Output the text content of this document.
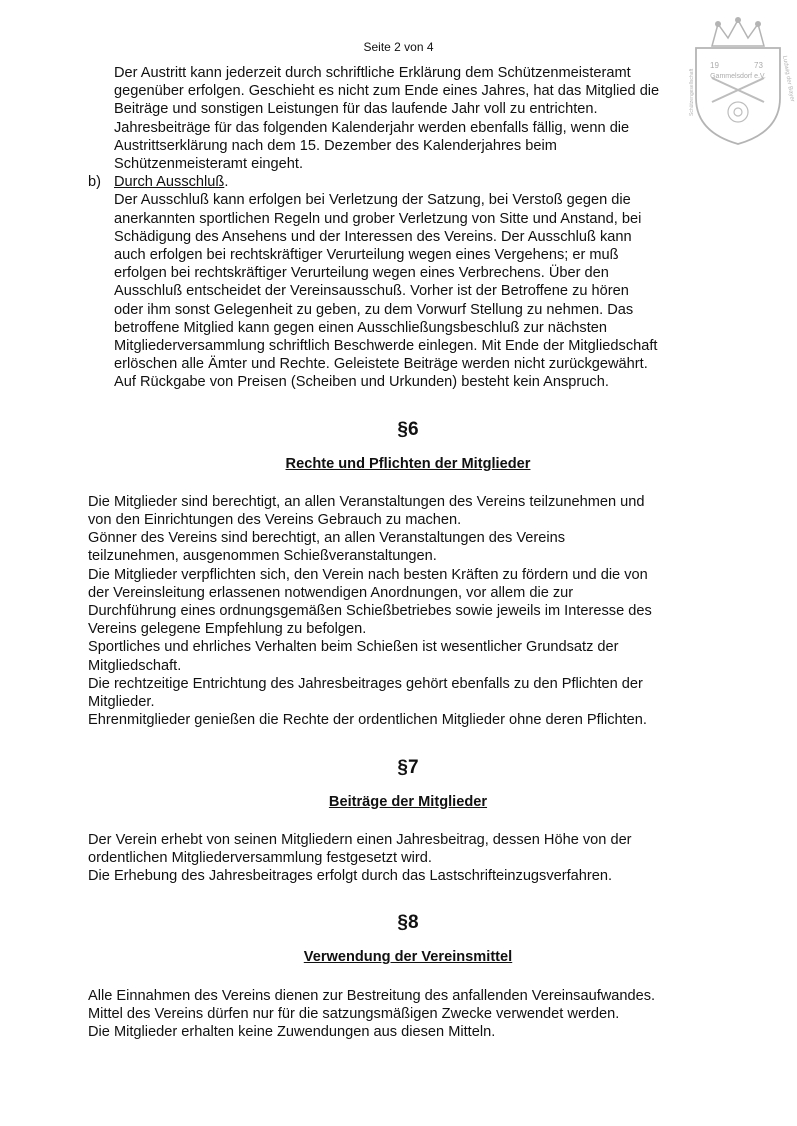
Seite 2 von 4
19	73
Gammelsdorf e.V.	Ludwig der Bayer
Schützengesellschaft
Der Austritt kann jederzeit durch schriftliche Erklärung dem Schützenmeisteramt
gegenüber erfolgen. Geschieht es nicht zum Ende eines Jahres, hat das Mitglied die
Beiträge und sonstigen Leistungen für das laufende Jahr voll zu entrichten.
Jahresbeiträge für das folgenden Kalenderjahr werden ebenfalls fällig, wenn die
Austrittserklärung nach dem 15. Dezember des Kalenderjahres beim
Schützenmeisteramt eingeht.
b) Durch Ausschluß.
Der Ausschluß kann erfolgen bei Verletzung der Satzung, bei Verstoß gegen die
anerkannten sportlichen Regeln und grober Verletzung von Sitte und Anstand, bei
Schädigung des Ansehens und der Interessen des Vereins. Der Ausschluß kann
auch erfolgen bei rechtskräftiger Verurteilung wegen eines Vergehens; er muß
erfolgen bei rechtskräftiger Verurteilung wegen eines Verbrechens. Über den
Ausschluß entscheidet der Vereinsausschuß. Vorher ist der Betroffene zu hören
oder ihm sonst Gelegenheit zu geben, zu dem Vorwurf Stellung zu nehmen. Das
betroffene Mitglied kann gegen einen Ausschließungsbeschluß zur nächsten
Mitgliederversammlung schriftlich Beschwerde einlegen. Mit Ende der Mitgliedschaft
erlöschen alle Ämter und Rechte. Geleistete Beiträge werden nicht zurückgewährt.
Auf Rückgabe von Preisen (Scheiben und Urkunden) besteht kein Anspruch.
§6
Rechte und Pflichten der Mitglieder
Die Mitglieder sind berechtigt, an allen Veranstaltungen des Vereins teilzunehmen und
von den Einrichtungen des Vereins Gebrauch zu machen.
Gönner des Vereins sind berechtigt, an allen Veranstaltungen des Vereins
teilzunehmen, ausgenommen Schießveranstaltungen.
Die Mitglieder verpflichten sich, den Verein nach besten Kräften zu fördern und die von
der Vereinsleitung erlassenen notwendigen Anordnungen, vor allem die zur
Durchführung eines ordnungsgemäßen Schießbetriebes sowie jeweils im Interesse des
Vereins gelegene Empfehlung zu befolgen.
Sportliches und ehrliches Verhalten beim Schießen ist wesentlicher Grundsatz der
Mitgliedschaft.
Die rechtzeitige Entrichtung des Jahresbeitrages gehört ebenfalls zu den Pflichten der
Mitglieder.
Ehrenmitglieder genießen die Rechte der ordentlichen Mitglieder ohne deren Pflichten.
§7
Beiträge der Mitglieder
Der Verein erhebt von seinen Mitgliedern einen Jahresbeitrag, dessen Höhe von der
ordentlichen Mitgliederversammlung festgesetzt wird.
Die Erhebung des Jahresbeitrages erfolgt durch das Lastschrifteinzugsverfahren.
§8
Verwendung der Vereinsmittel
Alle Einnahmen des Vereins dienen zur Bestreitung des anfallenden Vereinsaufwandes.
Mittel des Vereins dürfen nur für die satzungsmäßigen Zwecke verwendet werden.
Die Mitglieder erhalten keine Zuwendungen aus diesen Mitteln.
